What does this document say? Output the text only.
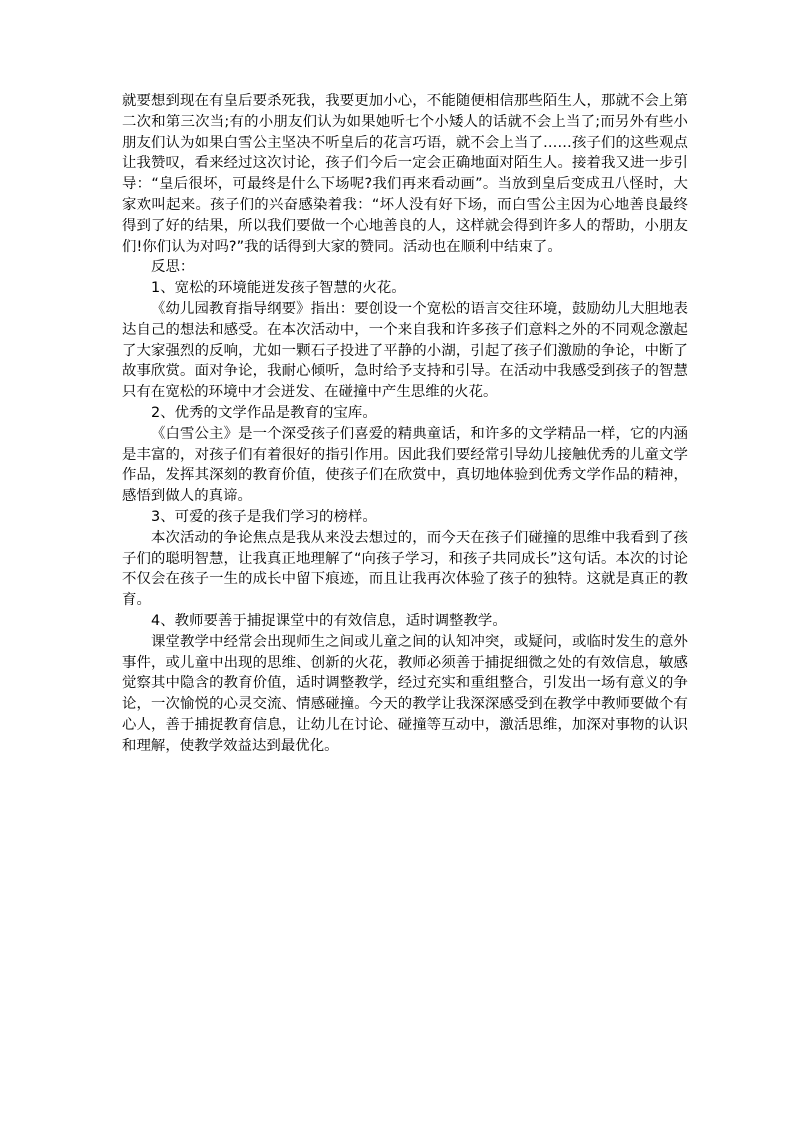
就要想到现在有皇后要杀死我，我要更加小心，不能随便相信那些陌生人，那就不会上第二次和第三次当;有的小朋友们认为如果她听七个小矮人的话就不会上当了;而另外有些小朋友们认为如果白雪公主坚决不听皇后的花言巧语，就不会上当了……孩子们的这些观点让我赞叹，看来经过这次讨论，孩子们今后一定会正确地面对陌生人。接着我又进一步引导：“皇后很坏，可最终是什么下场呢?我们再来看动画”。当放到皇后变成丑八怪时，大家欢叫起来。孩子们的兴奋感染着我：“坏人没有好下场，而白雪公主因为心地善良最终得到了好的结果，所以我们要做一个心地善良的人，这样就会得到许多人的帮助，小朋友们!你们认为对吗?”我的话得到大家的赞同。活动也在顺利中结束了。

反思：

1、宽松的环境能迸发孩子智慧的火花。

《幼儿园教育指导纲要》指出：要创设一个宽松的语言交往环境，鼓励幼儿大胆地表达自己的想法和感受。在本次活动中，一个来自我和许多孩子们意料之外的不同观念激起了大家强烈的反响，尤如一颗石子投进了平静的小湖，引起了孩子们激励的争论，中断了故事欣赏。面对争论，我耐心倾听，急时给予支持和引导。在活动中我感受到孩子的智慧只有在宽松的环境中才会迸发、在碰撞中产生思维的火花。

2、优秀的文学作品是教育的宝库。

《白雪公主》是一个深受孩子们喜爱的精典童话，和许多的文学精品一样，它的内涵是丰富的，对孩子们有着很好的指引作用。因此我们要经常引导幼儿接触优秀的儿童文学作品，发挥其深刻的教育价值，使孩子们在欣赏中，真切地体验到优秀文学作品的精神，感悟到做人的真谛。

3、可爱的孩子是我们学习的榜样。

本次活动的争论焦点是我从来没去想过的，而今天在孩子们碰撞的思维中我看到了孩子们的聪明智慧，让我真正地理解了“向孩子学习，和孩子共同成长”这句话。本次的讨论不仅会在孩子一生的成长中留下痕迹，而且让我再次体验了孩子的独特。这就是真正的教育。

4、教师要善于捕捉课堂中的有效信息，适时调整教学。

课堂教学中经常会出现师生之间或儿童之间的认知冲突，或疑问，或临时发生的意外事件，或儿童中出现的思维、创新的火花，教师必须善于捕捉细微之处的有效信息，敏感觉察其中隐含的教育价值，适时调整教学，经过充实和重组整合，引发出一场有意义的争论，一次愉悦的心灵交流、情感碰撞。今天的教学让我深深感受到在教学中教师要做个有心人，善于捕捉教育信息，让幼儿在讨论、碰撞等互动中，激活思维，加深对事物的认识和理解，使教学效益达到最优化。
